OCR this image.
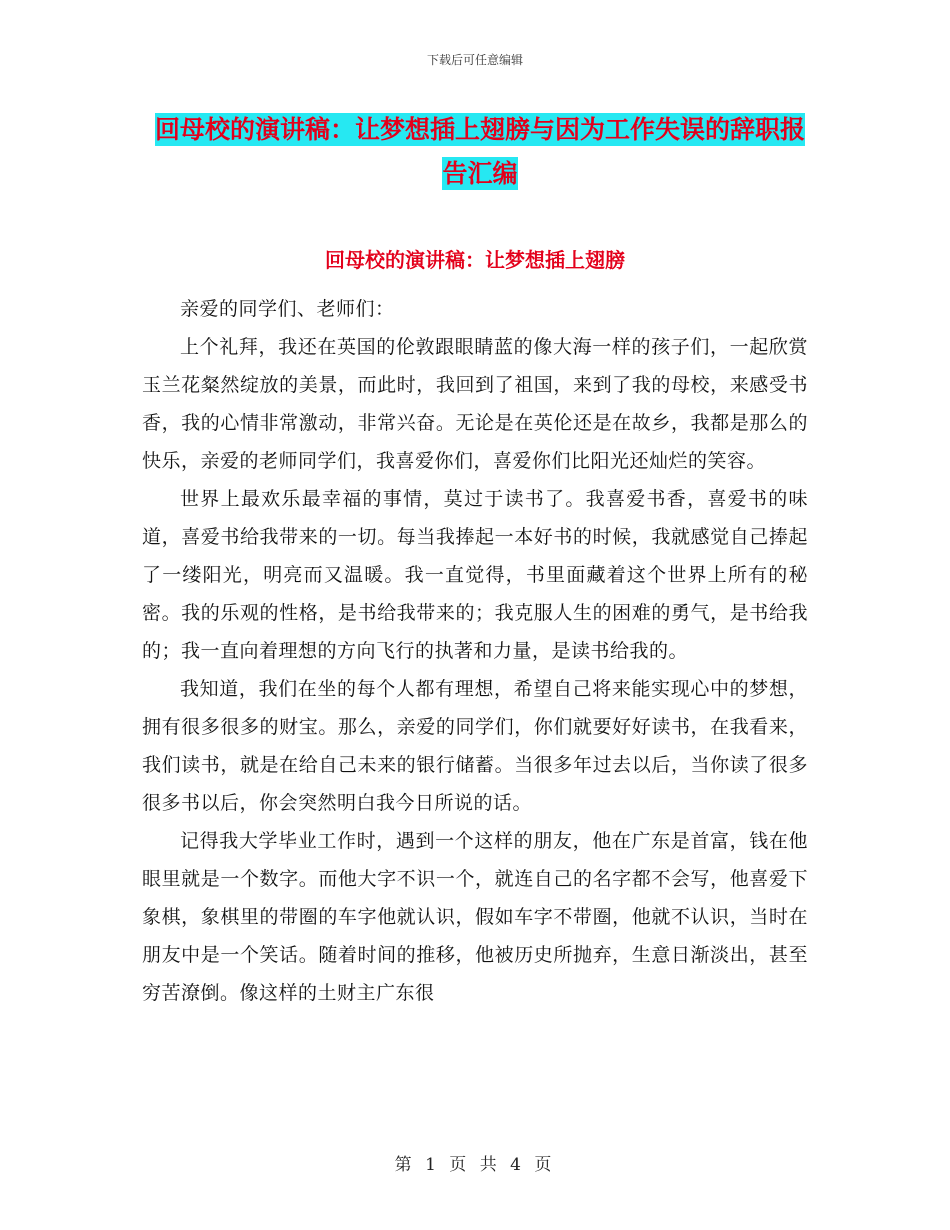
下载后可任意编辑
回母校的演讲稿：让梦想插上翅膀与因为工作失误的辞职报告汇编
回母校的演讲稿：让梦想插上翅膀

亲爱的同学们、老师们：

上个礼拜，我还在英国的伦敦跟眼睛蓝的像大海一样的孩子们，一起欣赏玉兰花粲然绽放的美景，而此时，我回到了祖国，来到了我的母校，来感受书香，我的心情非常激动，非常兴奋。无论是在英伦还是在故乡，我都是那么的快乐，亲爱的老师同学们，我喜爱你们，喜爱你们比阳光还灿烂的笑容。

世界上最欢乐最幸福的事情，莫过于读书了。我喜爱书香，喜爱书的味道，喜爱书给我带来的一切。每当我捧起一本好书的时候，我就感觉自己捧起了一缕阳光，明亮而又温暖。我一直觉得，书里面藏着这个世界上所有的秘密。我的乐观的性格，是书给我带来的；我克服人生的困难的勇气，是书给我的；我一直向着理想的方向飞行的执著和力量，是读书给我的。

我知道，我们在坐的每个人都有理想，希望自己将来能实现心中的梦想，拥有很多很多的财宝。那么，亲爱的同学们，你们就要好好读书，在我看来，我们读书，就是在给自己未来的银行储蓄。当很多年过去以后，当你读了很多很多书以后，你会突然明白我今日所说的话。

记得我大学毕业工作时，遇到一个这样的朋友，他在广东是首富，钱在他眼里就是一个数字。而他大字不识一个，就连自己的名字都不会写，他喜爱下象棋，象棋里的带圈的车字他就认识，假如车字不带圈，他就不认识，当时在朋友中是一个笑话。随着时间的推移，他被历史所抛弃，生意日渐淡出，甚至穷苦潦倒。像这样的土财主广东很

第 1 页 共 4 页
